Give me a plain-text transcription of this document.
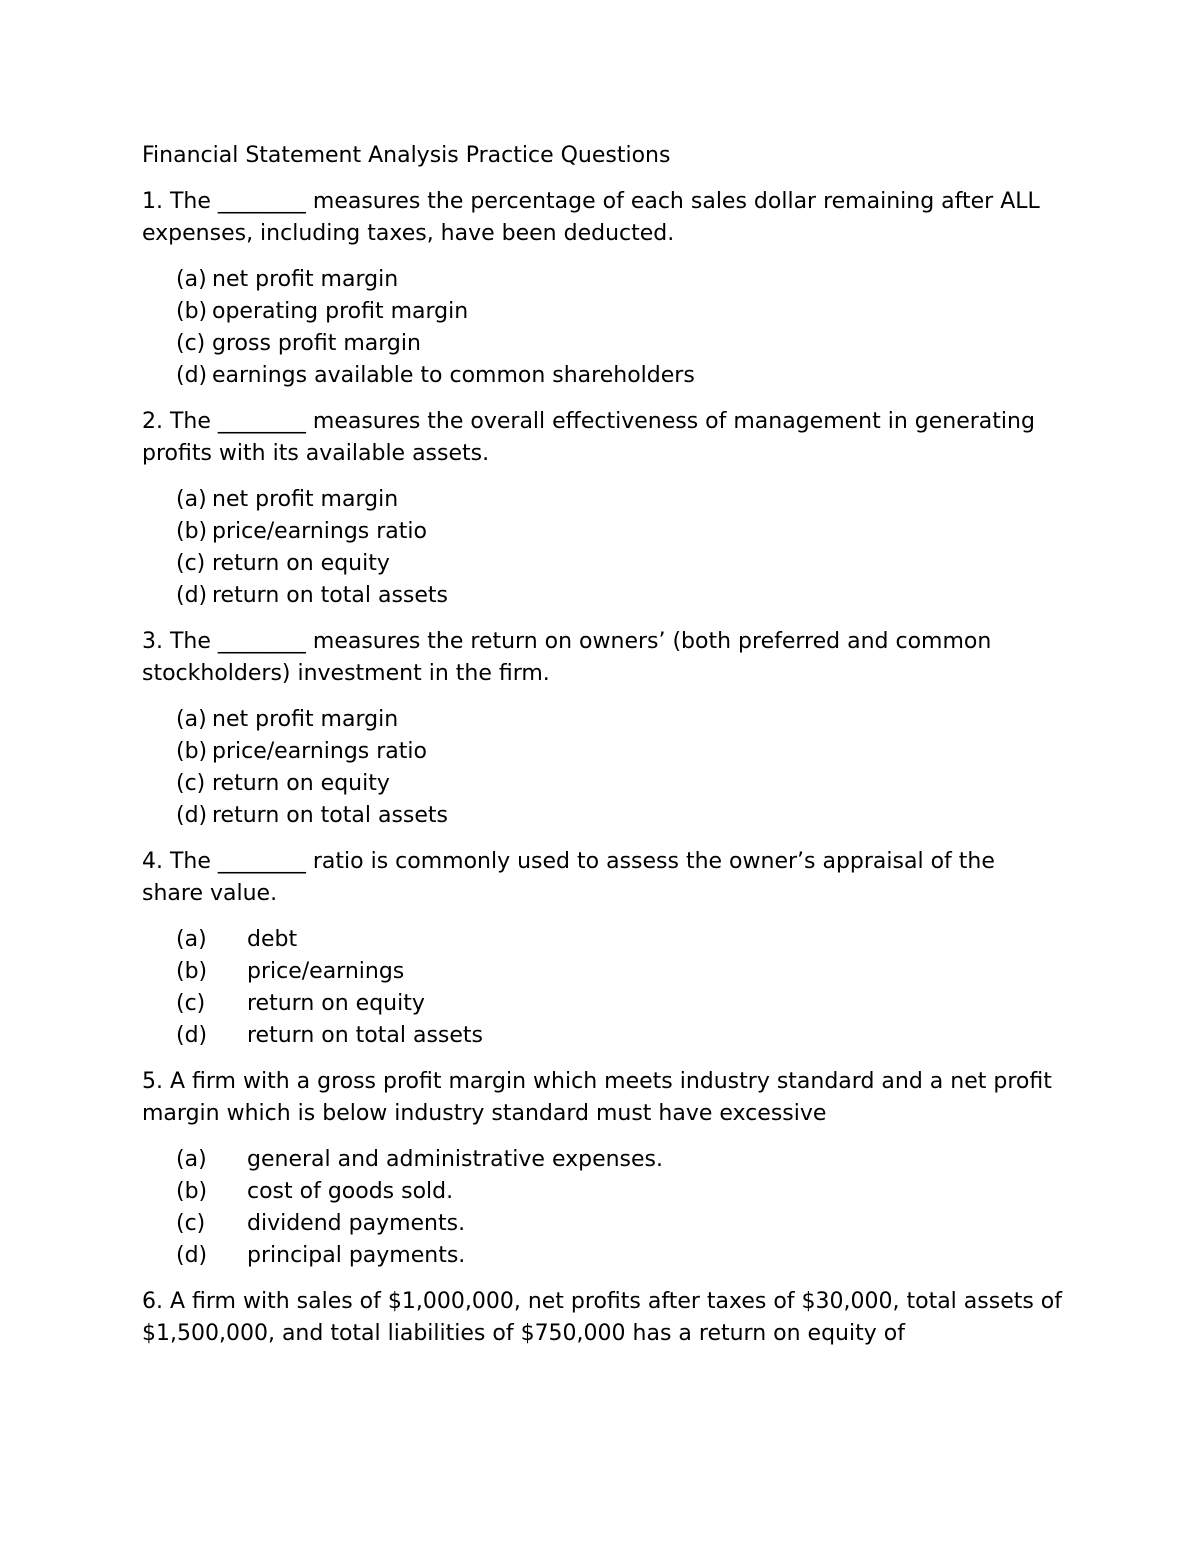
Financial Statement Analysis Practice Questions

1. The ________ measures the percentage of each sales dollar remaining after ALL expenses, including taxes, have been deducted.

(a) net profit margin
(b) operating profit margin
(c) gross profit margin
(d) earnings available to common shareholders

2. The ________ measures the overall effectiveness of management in generating profits with its available assets.

(a) net profit margin
(b) price/earnings ratio
(c) return on equity
(d) return on total assets

3. The ________ measures the return on owners’ (both preferred and common stockholders) investment in the firm.

(a) net profit margin
(b) price/earnings ratio
(c) return on equity
(d) return on total assets

4. The ________ ratio is commonly used to assess the owner’s appraisal of the share value.

(a)	debt
(b)	price/earnings
(c)	return on equity
(d)	return on total assets

5. A firm with a gross profit margin which meets industry standard and a net profit margin which is below industry standard must have excessive

(a)	general and administrative expenses.
(b)	cost of goods sold.
(c)	dividend payments.
(d)	principal payments.

6. A firm with sales of $1,000,000, net profits after taxes of $30,000, total assets of $1,500,000, and total liabilities of $750,000 has a return on equity of
